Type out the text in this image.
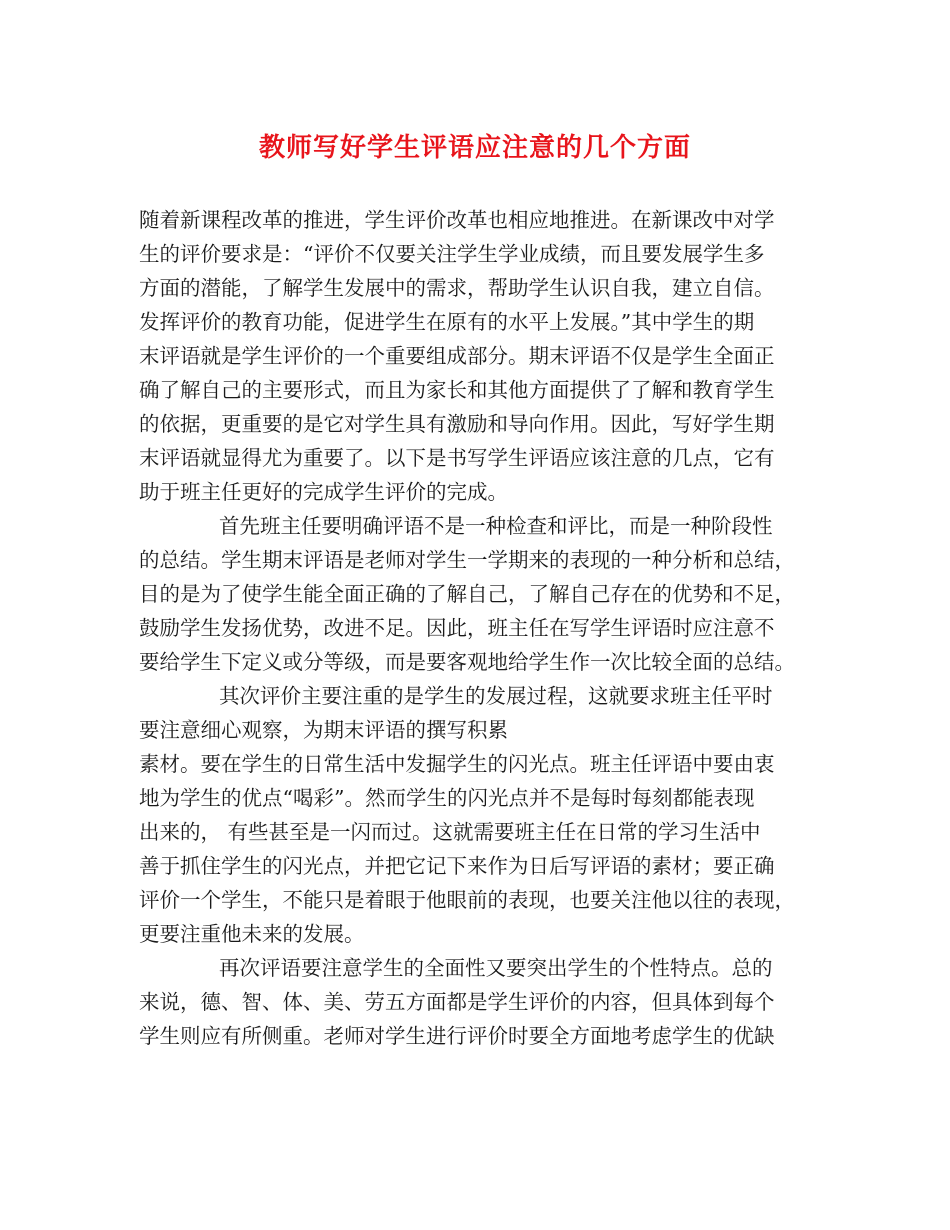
教师写好学生评语应注意的几个方面
随着新课程改革的推进，学生评价改革也相应地推进。在新课改中对学
生的评价要求是：“评价不仅要关注学生学业成绩，而且要发展学生多
方面的潜能，了解学生发展中的需求，帮助学生认识自我，建立自信。
发挥评价的教育功能，促进学生在原有的水平上发展。”其中学生的期
末评语就是学生评价的一个重要组成部分。期末评语不仅是学生全面正
确了解自己的主要形式，而且为家长和其他方面提供了了解和教育学生
的依据，更重要的是它对学生具有激励和导向作用。因此，写好学生期
末评语就显得尤为重要了。以下是书写学生评语应该注意的几点，它有
助于班主任更好的完成学生评价的完成。
首先班主任要明确评语不是一种检查和评比，而是一种阶段性
的总结。学生期末评语是老师对学生一学期来的表现的一种分析和总结，
目的是为了使学生能全面正确的了解自己，了解自己存在的优势和不足，
鼓励学生发扬优势，改进不足。因此，班主任在写学生评语时应注意不
要给学生下定义或分等级，而是要客观地给学生作一次比较全面的总结。
其次评价主要注重的是学生的发展过程，这就要求班主任平时
要注意细心观察，为期末评语的撰写积累
素材。要在学生的日常生活中发掘学生的闪光点。班主任评语中要由衷
地为学生的优点“喝彩”。然而学生的闪光点并不是每时每刻都能表现
出来的， 有些甚至是一闪而过。这就需要班主任在日常的学习生活中
善于抓住学生的闪光点，并把它记下来作为日后写评语的素材；要正确
评价一个学生，不能只是着眼于他眼前的表现，也要关注他以往的表现，
更要注重他未来的发展。
再次评语要注意学生的全面性又要突出学生的个性特点。总的
来说，德、智、体、美、劳五方面都是学生评价的内容，但具体到每个
学生则应有所侧重。老师对学生进行评价时要全方面地考虑学生的优缺
